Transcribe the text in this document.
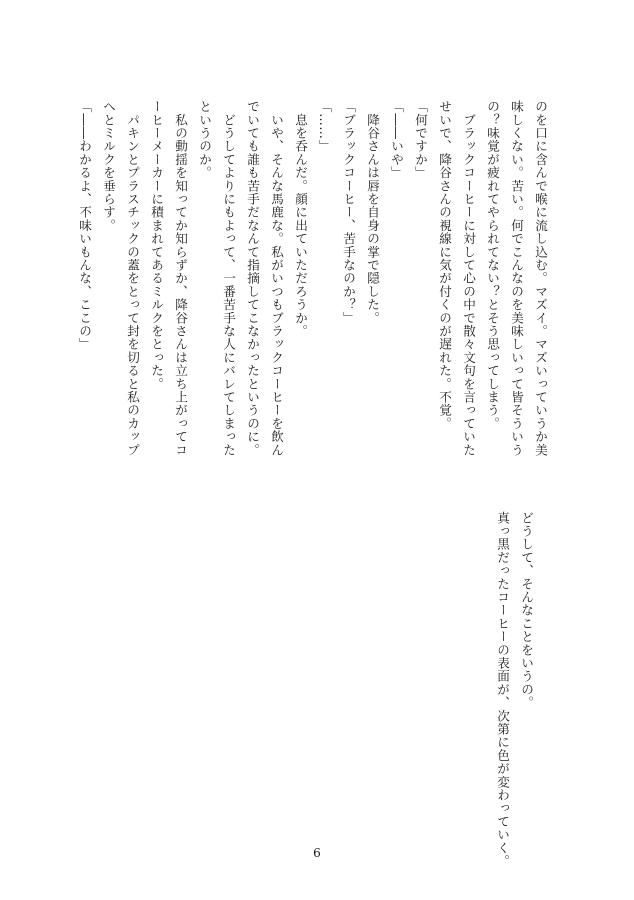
のを口に含んで喉に流し込む。マズイ。マズいっていうか美
味しくない。苦い。何でこんなのを美味しいって皆そういう
の？味覚が疲れてやられてない？とそう思ってしまう。
　ブラックコーヒーに対して心の中で散々文句を言っていた
せいで、降谷さんの視線に気が付くのが遅れた。不覚。
「何ですか」
「――いや」
　降谷さんは唇を自身の掌で隠した。
「ブラックコーヒー、苦手なのか？」
「……」
　息を呑んだ。顔に出ていただろうか。
　いや、そんな馬鹿な。私がいつもブラックコーヒーを飲ん
でいても誰も苦手だなんて指摘してこなかったというのに。
　どうしてよりにもよって、一番苦手な人にバレてしまった
というのか。
　私の動揺を知ってか知らずか、降谷さんは立ち上がってコ
ーヒーメーカーに積まれてあるミルクをとった。
　パキンとプラスチックの蓋をとって封を切ると私のカップ
へとミルクを垂らす。
「――わかるよ、不味いもんな、ここの」
　どうして、そんなことをいうの。
　真っ黒だったコーヒーの表面が、次第に色が変わっていく。
6
